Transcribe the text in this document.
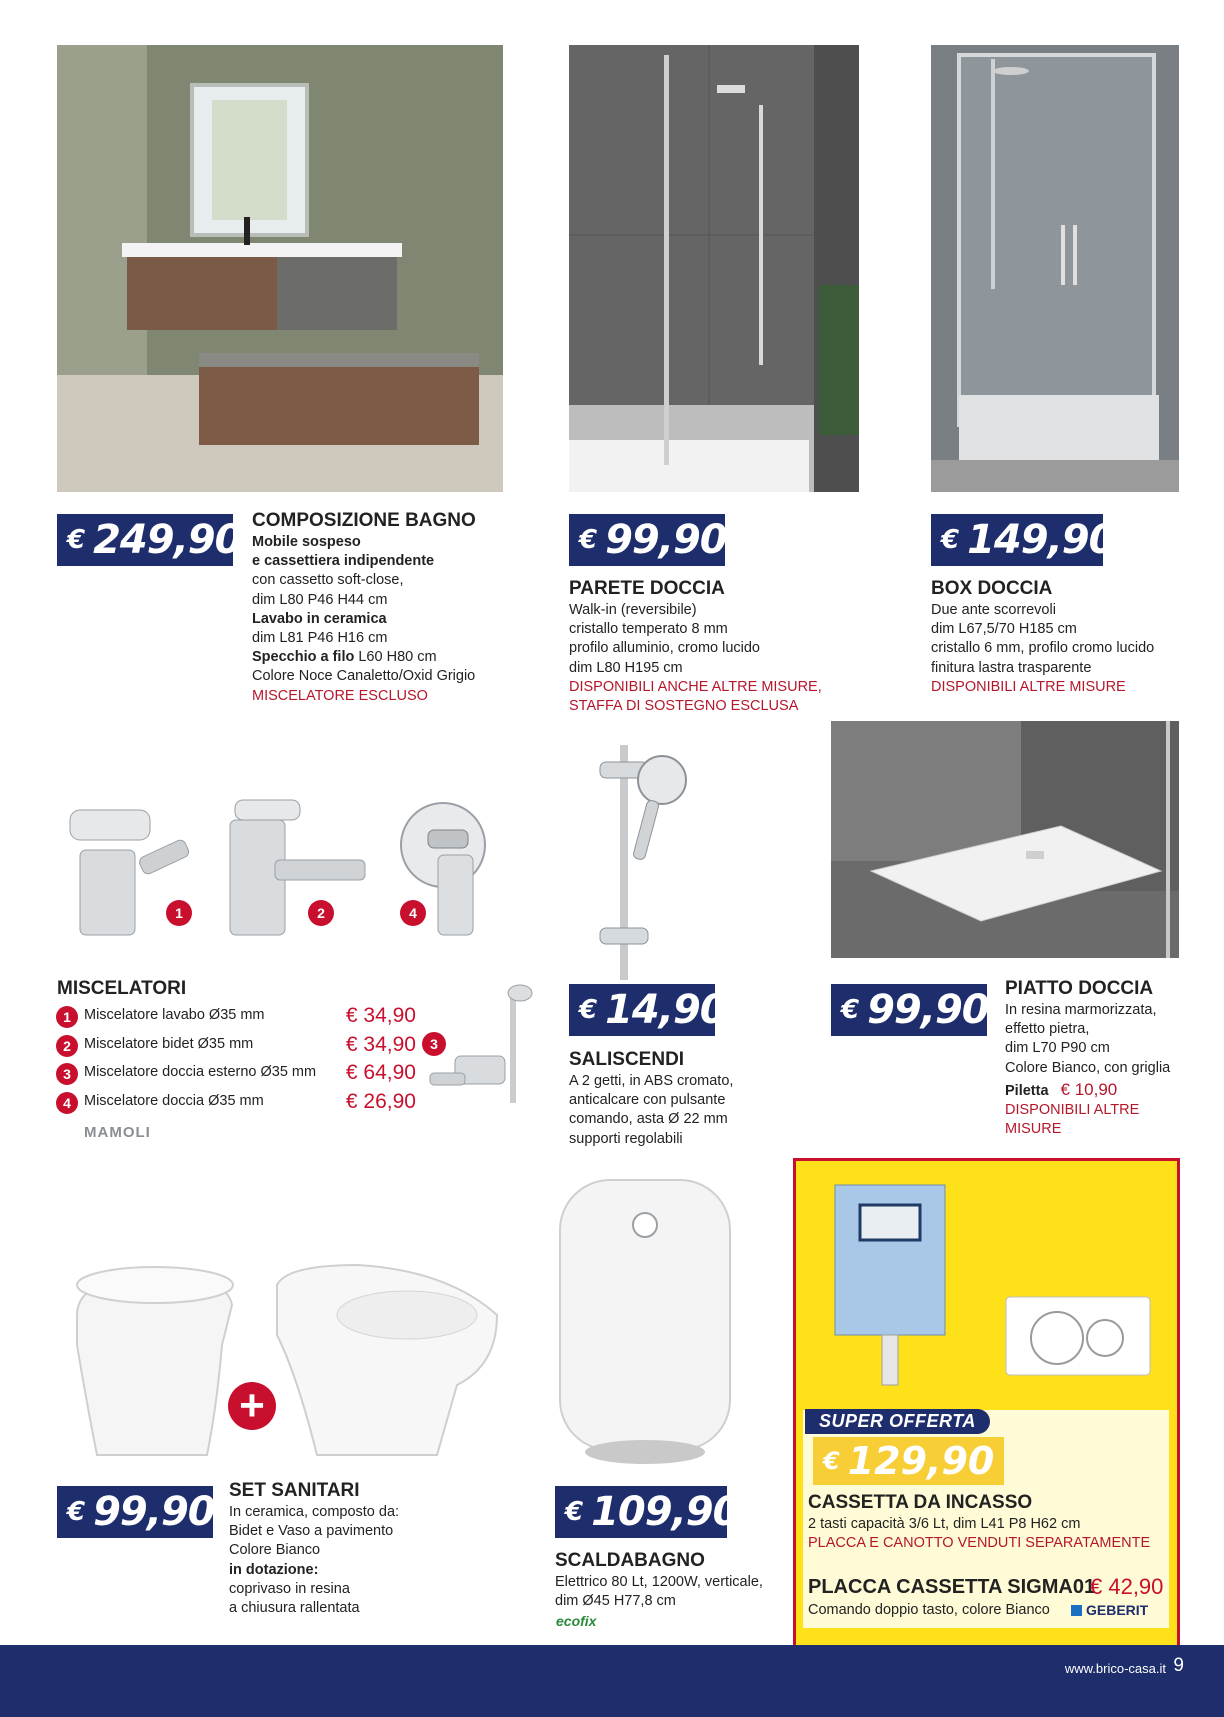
€ 249,90 COMPOSIZIONE BAGNO
Mobile sospeso
e cassettiera indipendente
con cassetto soft-close,
dim L80 P46 H44 cm
Lavabo in ceramica
dim L81 P46 H16 cm
Specchio a filo L60 H80 cm
Colore Noce Canaletto/Oxid Grigio
MISCELATORE ESCLUSO
€ 99,90
PARETE DOCCIA
Walk-in (reversibile)
cristallo temperato 8 mm
profilo alluminio, cromo lucido
dim L80 H195 cm
DISPONIBILI ANCHE ALTRE MISURE,
STAFFA DI SOSTEGNO ESCLUSA
€ 149,90
BOX DOCCIA
Due ante scorrevoli
dim L67,5/70 H185 cm
cristallo 6 mm, profilo cromo lucido
finitura lastra trasparente
DISPONIBILI ALTRE MISURE
1	2	4
MISCELATORI
1 Miscelatore lavabo Ø35 mm	€ 34,90
2 Miscelatore bidet Ø35 mm	€ 34,90
3 Miscelatore doccia esterno Ø35 mm € 64,90
4 Miscelatore doccia Ø35 mm	€ 26,90
MAMOLI
3
€ 14,90
SALISCENDI
A 2 getti, in ABS cromato,
anticalcare con pulsante
comando, asta Ø 22 mm
supporti regolabili
€ 99,90 PIATTO DOCCIA
In resina marmorizzata,
effetto pietra,
dim L70 P90 cm
Colore Bianco, con griglia
Piletta € 10,90
DISPONIBILI ALTRE
MISURE
+
€ 99,90 SET SANITARI
In ceramica, composto da:
Bidet e Vaso a pavimento
Colore Bianco
in dotazione:
coprivaso in resina
a chiusura rallentata
€ 109,90
SCALDABAGNO
Elettrico 80 Lt, 1200W, verticale,
dim Ø45 H77,8 cm
ecofix
SUPER OFFERTA
€ 129,90
CASSETTA DA INCASSO
2 tasti capacità 3/6 Lt, dim L41 P8 H62 cm
PLACCA E CANOTTO VENDUTI SEPARATAMENTE
PLACCA CASSETTA SIGMA01
€ 42,90
Comando doppio tasto, colore Bianco	GEBERIT
www.brico-casa.it 9
